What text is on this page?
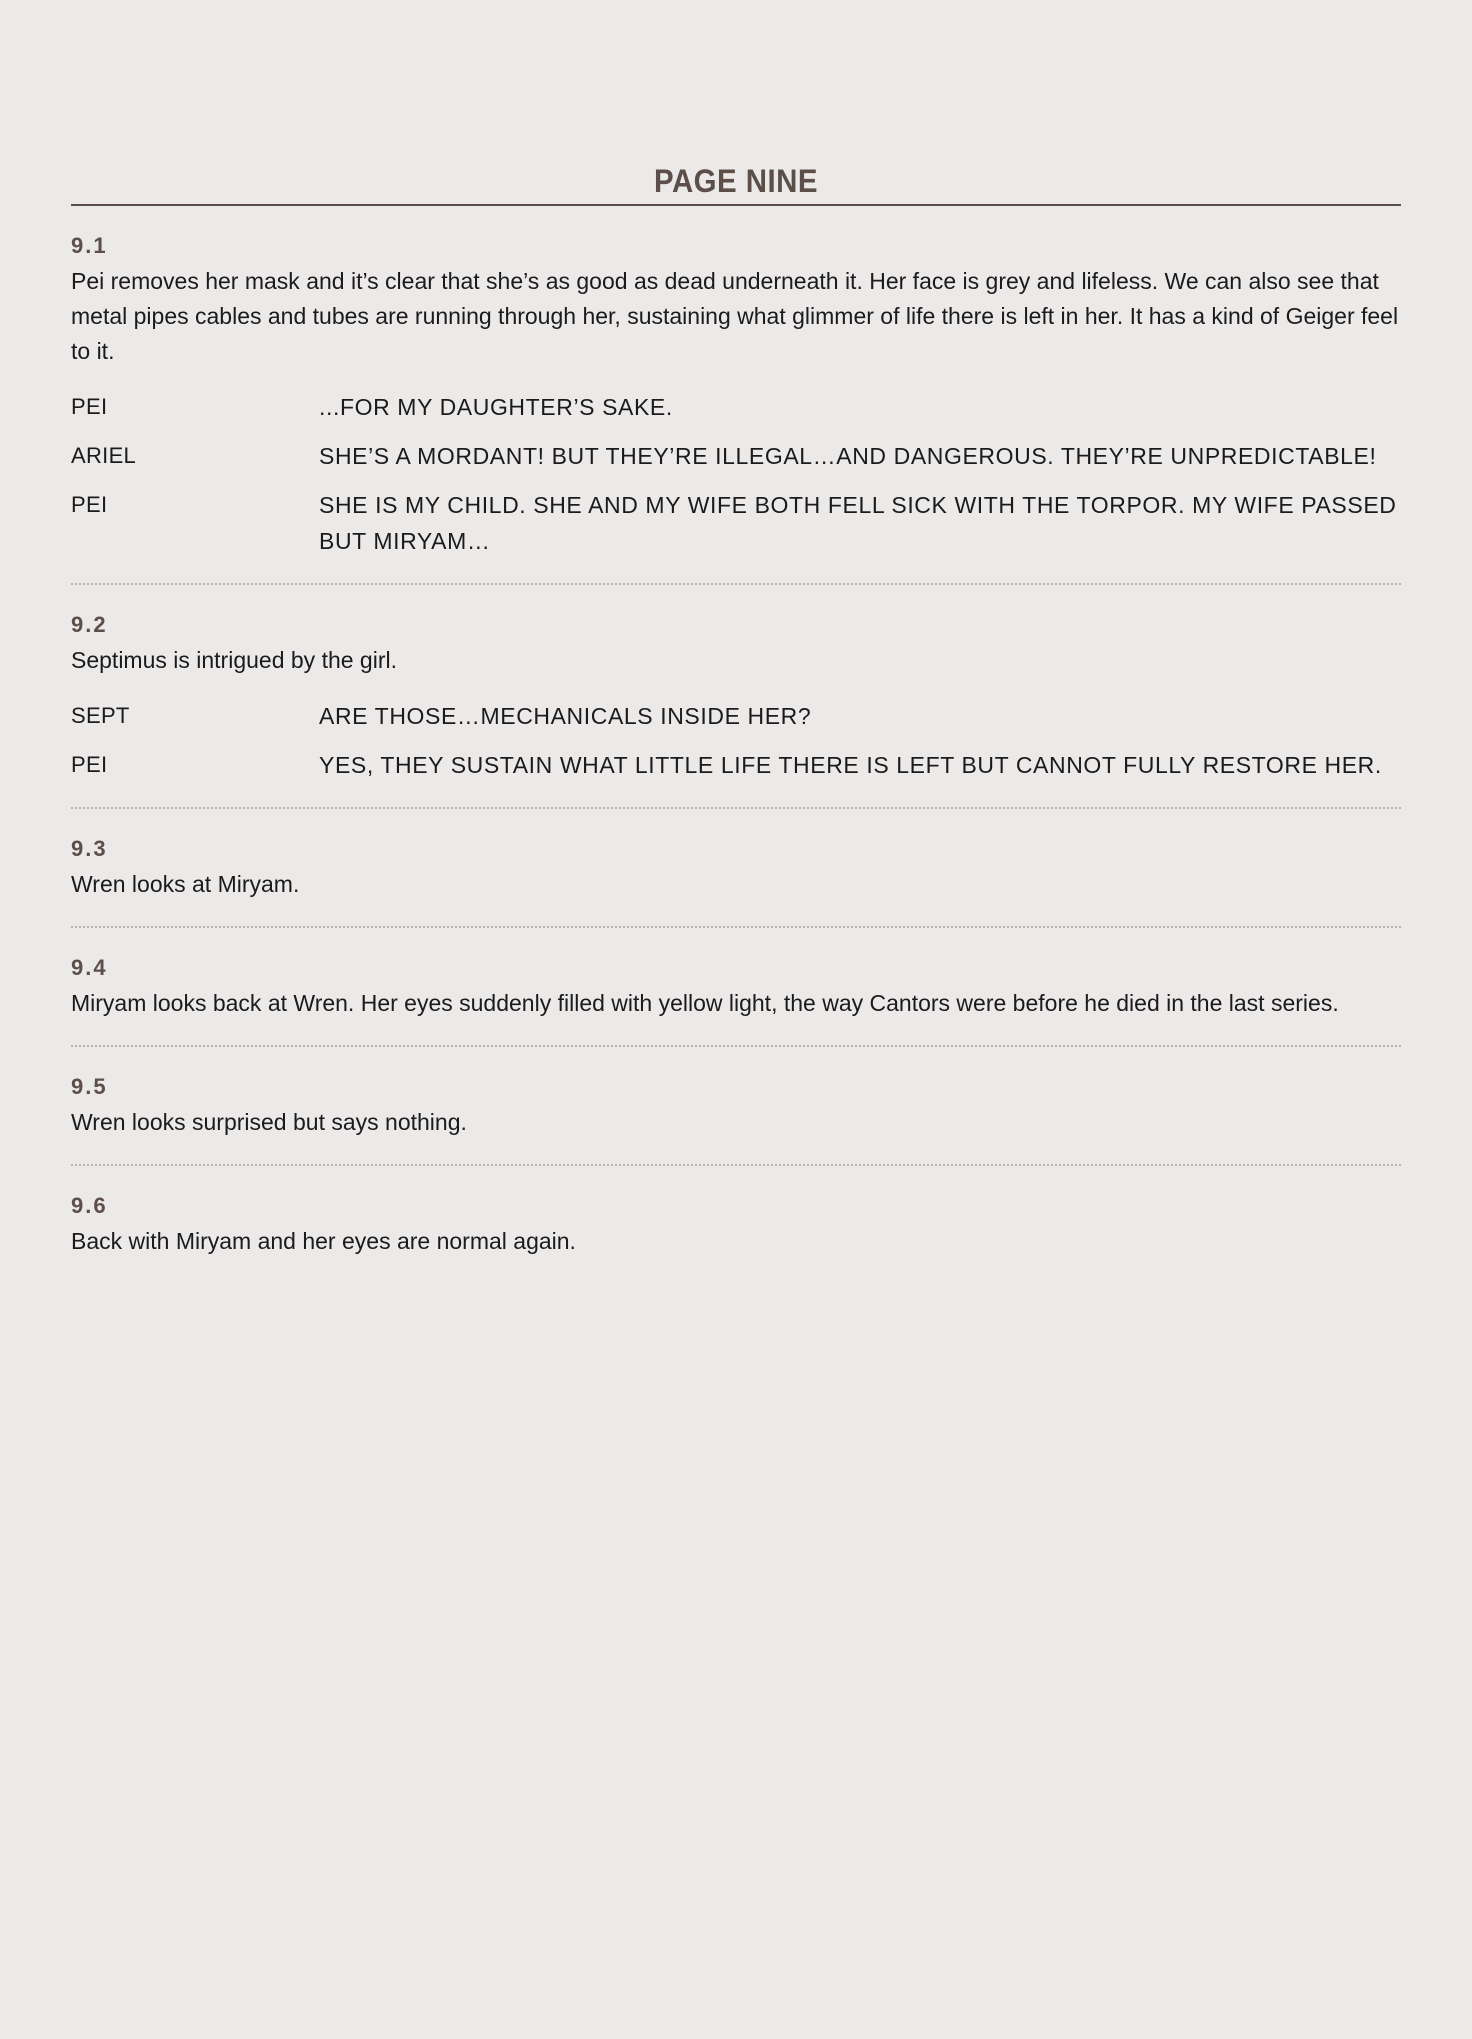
PAGE NINE
9.1
Pei removes her mask and it’s clear that she’s as good as dead underneath it. Her face is grey and lifeless. We can also see that metal pipes cables and tubes are running through her, sustaining what glimmer of life there is left in her. It has a kind of Geiger feel to it.
PEI	...FOR MY DAUGHTER’S SAKE.
ARIEL	SHE’S A MORDANT! BUT THEY’RE ILLEGAL…AND DANGEROUS. THEY’RE UNPREDICTABLE!
PEI	SHE IS MY CHILD. SHE AND MY WIFE BOTH FELL SICK WITH THE TORPOR. MY WIFE PASSED BUT MIRYAM…
9.2
Septimus is intrigued by the girl.
SEPT	ARE THOSE…MECHANICALS INSIDE HER?
PEI	YES, THEY SUSTAIN WHAT LITTLE LIFE THERE IS LEFT BUT CANNOT FULLY RESTORE HER.
9.3
Wren looks at Miryam.
9.4
Miryam looks back at Wren. Her eyes suddenly filled with yellow light, the way Cantors were before he died in the last series.
9.5
Wren looks surprised but says nothing.
9.6
Back with Miryam and her eyes are normal again.
